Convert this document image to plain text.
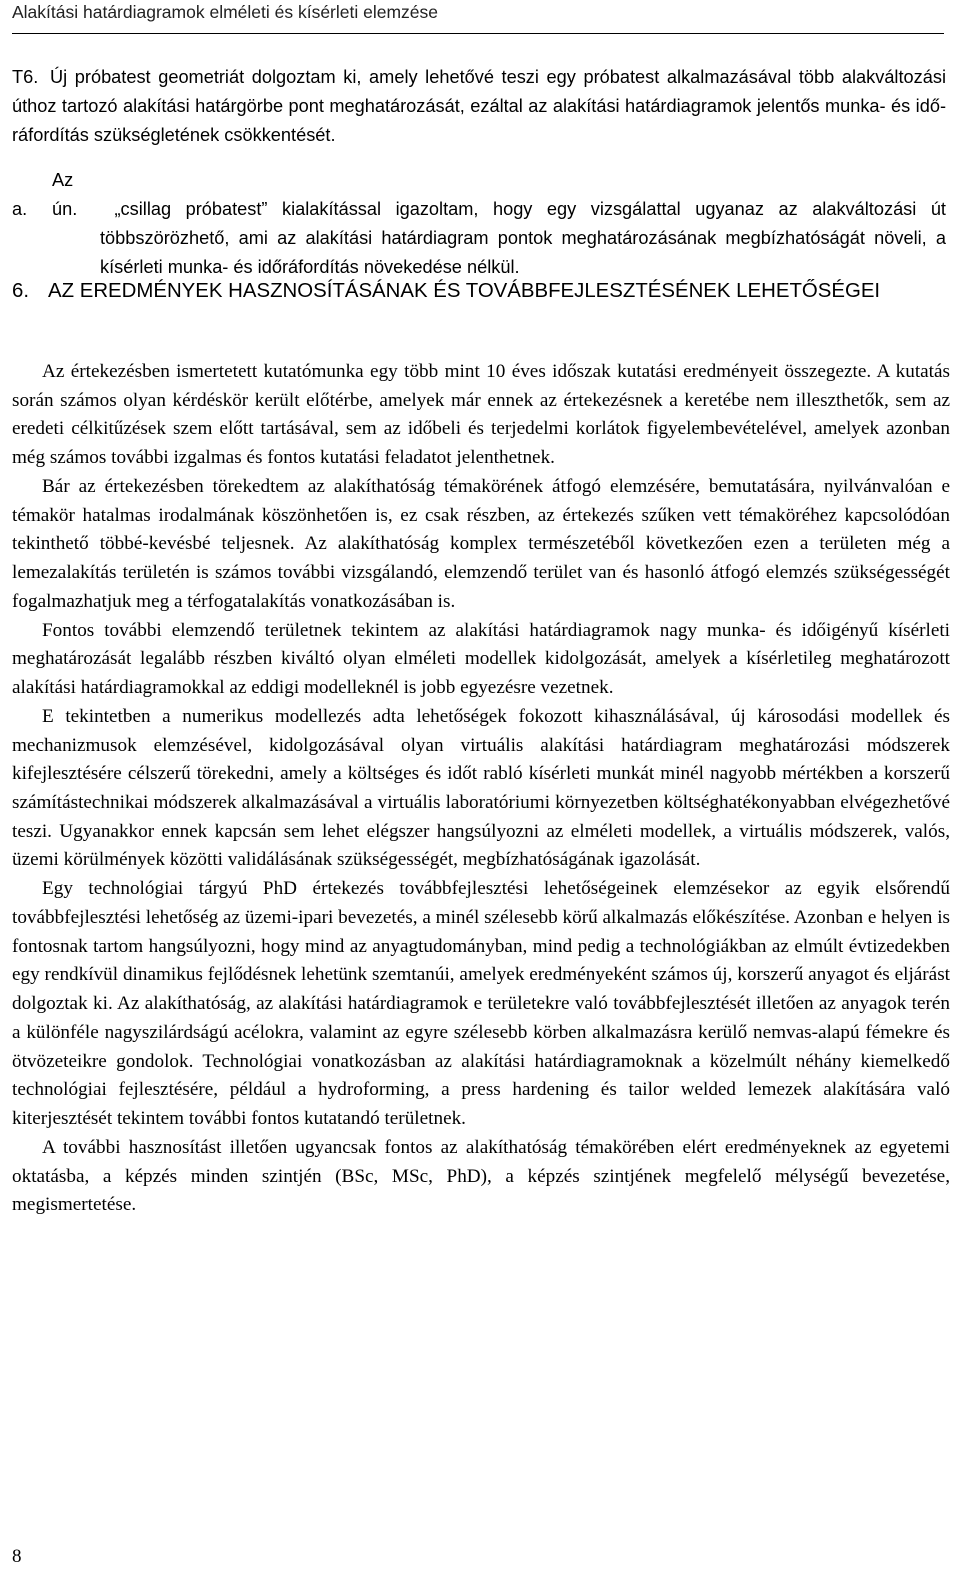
Alakítási határdiagramok elméleti és kísérleti elemzése
T6. Új próbatest geometriát dolgoztam ki, amely lehetővé teszi egy próbatest alkalmazásával több alakváltozási úthoz tartozó alakítási határgörbe pont meghatározását, ezáltal az alakítási határdiagramok jelentős munka- és idő-ráfordítás szükségletének csökkentését.
a.Az ún. „csillag próbatest” kialakítással igazoltam, hogy egy vizsgálattal ugyanaz az alakváltozási út többszörözhető, ami az alakítási határdiagram pontok meghatározásának megbízhatóságát növeli, a kísérleti munka- és időráfordítás növekedése nélkül.
6. AZ EREDMÉNYEK HASZNOSÍTÁSÁNAK ÉS TOVÁBBFEJLESZTÉSÉNEK LEHETŐSÉGEI

Az értekezésben ismertetett kutatómunka egy több mint 10 éves időszak kutatási eredményeit összegezte. A kutatás során számos olyan kérdéskör került előtérbe, amelyek már ennek az értekezésnek a keretébe nem illeszthetők, sem az eredeti célkitűzések szem előtt tartásával, sem az időbeli és terjedelmi korlátok figyelembevételével, amelyek azonban még számos további izgalmas és fontos kutatási feladatot jelenthetnek.

Bár az értekezésben törekedtem az alakíthatóság témakörének átfogó elemzésére, bemutatására, nyilvánvalóan e témakör hatalmas irodalmának köszönhetően is, ez csak részben, az értekezés szűken vett témaköréhez kapcsolódóan tekinthető többé-kevésbé teljesnek. Az alakíthatóság komplex természetéből következően ezen a területen még a lemezalakítás területén is számos további vizsgálandó, elemzendő terület van és hasonló átfogó elemzés szükségességét fogalmazhatjuk meg a térfogatalakítás vonatkozásában is.

Fontos további elemzendő területnek tekintem az alakítási határdiagramok nagy munka- és időigényű kísérleti meghatározását legalább részben kiváltó olyan elméleti modellek kidolgozását, amelyek a kísérletileg meghatározott alakítási határdiagramokkal az eddigi modelleknél is jobb egyezésre vezetnek.

E tekintetben a numerikus modellezés adta lehetőségek fokozott kihasználásával, új károsodási modellek és mechanizmusok elemzésével, kidolgozásával olyan virtuális alakítási határdiagram meghatározási módszerek kifejlesztésére célszerű törekedni, amely a költséges és időt rabló kísérleti munkát minél nagyobb mértékben a korszerű számítástechnikai módszerek alkalmazásával a virtuális laboratóriumi környezetben költséghatékonyabban elvégezhetővé teszi. Ugyanakkor ennek kapcsán sem lehet elégszer hangsúlyozni az elméleti modellek, a virtuális módszerek, valós, üzemi körülmények közötti validálásának szükségességét, megbízhatóságának igazolását.

Egy technológiai tárgyú PhD értekezés továbbfejlesztési lehetőségeinek elemzésekor az egyik elsőrendű továbbfejlesztési lehetőség az üzemi-ipari bevezetés, a minél szélesebb körű alkalmazás előkészítése. Azonban e helyen is fontosnak tartom hangsúlyozni, hogy mind az anyagtudományban, mind pedig a technológiákban az elmúlt évtizedekben egy rendkívül dinamikus fejlődésnek lehetünk szemtanúi, amelyek eredményeként számos új, korszerű anyagot és eljárást dolgoztak ki. Az alakíthatóság, az alakítási határdiagramok e területekre való továbbfejlesztését illetően az anyagok terén a különféle nagyszilárdságú acélokra, valamint az egyre szélesebb körben alkalmazásra kerülő nemvas-alapú fémekre és ötvözeteikre gondolok. Technológiai vonatkozásban az alakítási határdiagramoknak a közelmúlt néhány kiemelkedő technológiai fejlesztésére, például a hydroforming, a press hardening és tailor welded lemezek alakítására való kiterjesztését tekintem további fontos kutatandó területnek.

A további hasznosítást illetően ugyancsak fontos az alakíthatóság témakörében elért eredményeknek az egyetemi oktatásba, a képzés minden szintjén (BSc, MSc, PhD), a képzés szintjének megfelelő mélységű bevezetése, megismertetése.

8
